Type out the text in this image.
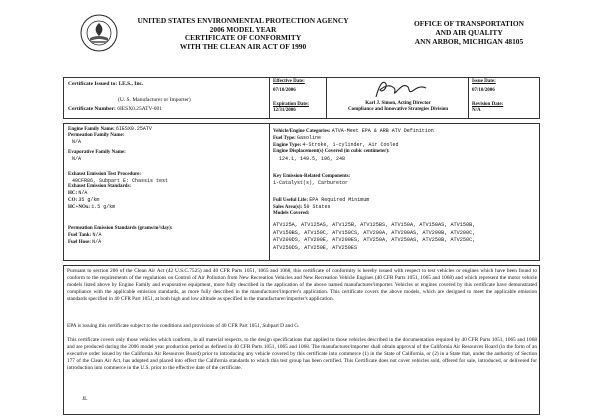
UNITED STATES ENVIRONMENTAL PROTECTION AGENCY
2006 MODEL YEAR
CERTIFICATE OF CONFORMITY
WITH THE CLEAN AIR ACT OF 1990
OFFICE OF TRANSPORTATION
AND AIR QUALITY
ANN ARBOR, MICHIGAN 48105
Certificate Issued to: I.E.S., Inc.
(U. S. Manufacturer or Importer)
Certificate Number: 6IESX0.25ATV-001
Effective Date:
07/10/2006
Expiration Date:
12/31/2006
Karl J. Simon, Acting Director
Compliance and Innovative Strategies Division
Issue Date:
07/10/2006
Revision Date:
N/A
Engine Family Name: 6IESX0.25ATV
Permeation Family Name:
N/A
Evaporative Family Name:
N/A
Exhaust Emission Test Procedure:
40CFR86, Subpart E: Chassis test
Exhaust Emission Standards:
HC: N/A
CO: 35 g/km
HC+NOx: 1.5 g/km
Permeation Emission Standards (grams/m²/day):
Fuel Tank: N/A
Fuel Hose: N/A
Vehicle/Engine Categories: ATVA-Meet EPA & ARB ATV Definition
Fuel Type: Gasoline
Engine Type: 4-Stroke, 1-cylinder, Air Cooled
Engine Displacement(s) Covered (in cubic centimeter):
124.1, 149.5, 196, 248
Key Emission-Related Components:
1-Catalyst(s), Carburetor
Full Useful Life: EPA Required Minimum
Sales Area(s): 50 States
Models Covered:
ATV125A, ATV125AS, ATV125B, ATV125BS, ATV150A, ATV150AS, ATV150B,
ATV150BS, ATV150C, ATV150CS, ATV200A, ATV200AS, ATV200B, ATV200C,
ATV200DS, ATV200E, ATV200ES, ATV250A, ATV250AS, ATV250B, ATV250C,
ATV250DS, ATV250E, ATV250ES
Pursuant to section 206 of the Clean Air Act (42 U.S.C.7525) and 40 CFR Parts 1051, 1065 and 1068, this certificate of conformity is hereby issued with respect to test vehicles or engines which have been found to conform to the requirements of the regulations on Control of Air Pollution from New Recreation Vehicles and New Recreation Vehicle Engines (40 CFR Parts 1051, 1065 and 1068) and which represent the motor vehicle models listed above by Engine Family and evaporative equipment, more fully described in the application of the above named manufacturer/importer. Vehicles or engines covered by this certificate have demonstrated compliance with the applicable emission standards, as more fully described in the manufacturer/importer's application. This certificate covers the above models, which are designed to meet the applicable emission standards specified in 40 CFR Part 1051, at both high and low altitude as specified in the manufacturer/importer's application.
EPA is issuing this certificate subject to the conditions and provisions of 40 CFR Part 1051, Subpart D and G.
This certificate covers only those vehicles which conform, in all material respects, to the design specifications that applied to those vehicles described in the documentation required by 40 CFR Parts 1051, 1065 and 1068 and are produced during the 2006 model year production period as defined in 40 CFR Parts 1051, 1065 and 1068. The manufacturer/importer shall obtain approval of the California Air Resources Board (in the form of an executive order issued by the California Air Resources Board) prior to introducing any vehicle covered by this certificate into commerce (1) in the State of California, or (2) in a State that, under the authority of Section 177 of the Clean Air Act, has adopted and placed into effect the California standards to which this test group has been certified. This Certificate does not cover vehicles sold, offered for sale, introduced, or delivered for introduction into commerce in the U.S. prior to the effective date of the certificate.
JL
